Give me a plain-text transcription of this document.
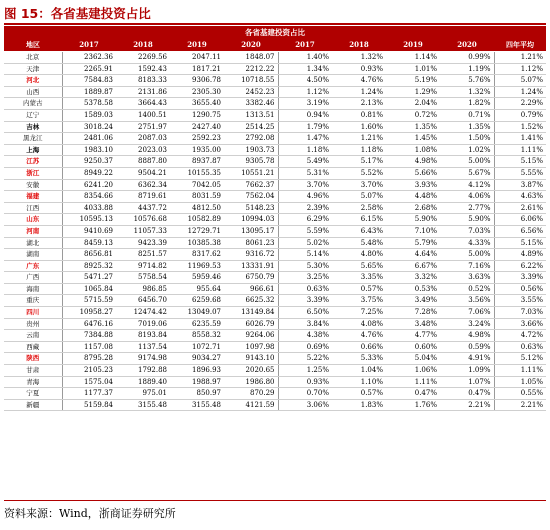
图 15：各省基建投资占比
各省基建投资占比									
地区	2017	2018	2019	2020	2017	2018	2019	2020	四年平均
北京	2362.36	2269.56	2047.11	1848.07	1.40%	1.32%	1.14%	0.99%	1.21%
天津	2265.91	1592.43	1817.21	2212.22	1.34%	0.93%	1.01%	1.19%	1.12%
河北	7584.83	8183.33	9306.78	10718.55	4.50%	4.76%	5.19%	5.76%	5.07%
山西	1889.87	2131.86	2305.30	2452.23	1.12%	1.24%	1.29%	1.32%	1.24%
内蒙古	5378.58	3664.43	3655.40	3382.46	3.19%	2.13%	2.04%	1.82%	2.29%
辽宁	1589.03	1400.51	1290.75	1313.51	0.94%	0.81%	0.72%	0.71%	0.79%
吉林	3018.24	2751.97	2427.40	2514.25	1.79%	1.60%	1.35%	1.35%	1.52%
黑龙江	2481.06	2087.03	2592.23	2792.08	1.47%	1.21%	1.45%	1.50%	1.41%
上海	1983.10	2023.03	1935.00	1903.73	1.18%	1.18%	1.08%	1.02%	1.11%
江苏	9250.37	8887.80	8937.87	9305.78	5.49%	5.17%	4.98%	5.00%	5.15%
浙江	8949.22	9504.21	10155.35	10551.21	5.31%	5.52%	5.66%	5.67%	5.55%
安徽	6241.20	6362.34	7042.05	7662.37	3.70%	3.70%	3.93%	4.12%	3.87%
福建	8354.66	8719.61	8031.59	7562.04	4.96%	5.07%	4.48%	4.06%	4.63%
江西	4033.88	4437.72	4812.50	5148.23	2.39%	2.58%	2.68%	2.77%	2.61%
山东	10595.13	10576.68	10582.89	10994.03	6.29%	6.15%	5.90%	5.90%	6.06%
河南	9410.69	11057.33	12729.71	13095.17	5.59%	6.43%	7.10%	7.03%	6.56%
湖北	8459.13	9423.39	10385.38	8061.23	5.02%	5.48%	5.79%	4.33%	5.15%
湖南	8656.81	8251.57	8317.62	9316.72	5.14%	4.80%	4.64%	5.00%	4.89%
广东	8925.32	9714.82	11969.53	13331.91	5.30%	5.65%	6.67%	7.16%	6.22%
广西	5471.27	5758.54	5959.46	6750.79	3.25%	3.35%	3.32%	3.63%	3.39%
海南	1065.84	986.85	955.64	966.61	0.63%	0.57%	0.53%	0.52%	0.56%
重庆	5715.59	6456.70	6259.68	6625.32	3.39%	3.75%	3.49%	3.56%	3.55%
四川	10958.27	12474.42	13049.07	13149.84	6.50%	7.25%	7.28%	7.06%	7.03%
贵州	6476.16	7019.06	6235.59	6026.79	3.84%	4.08%	3.48%	3.24%	3.66%
云南	7384.88	8193.84	8558.32	9264.06	4.38%	4.76%	4.77%	4.98%	4.72%
西藏	1157.08	1137.54	1072.71	1097.98	0.69%	0.66%	0.60%	0.59%	0.63%
陕西	8795.28	9174.98	9034.27	9143.10	5.22%	5.33%	5.04%	4.91%	5.12%
甘肃	2105.23	1792.88	1896.93	2020.65	1.25%	1.04%	1.06%	1.09%	1.11%
青海	1575.04	1889.40	1988.97	1986.80	0.93%	1.10%	1.11%	1.07%	1.05%
宁夏	1177.37	975.01	850.97	870.29	0.70%	0.57%	0.47%	0.47%	0.55%
新疆	5159.84	3155.48	3155.48	4121.59	3.06%	1.83%	1.76%	2.21%	2.21%
资料来源：Wind，浙商证券研究所
